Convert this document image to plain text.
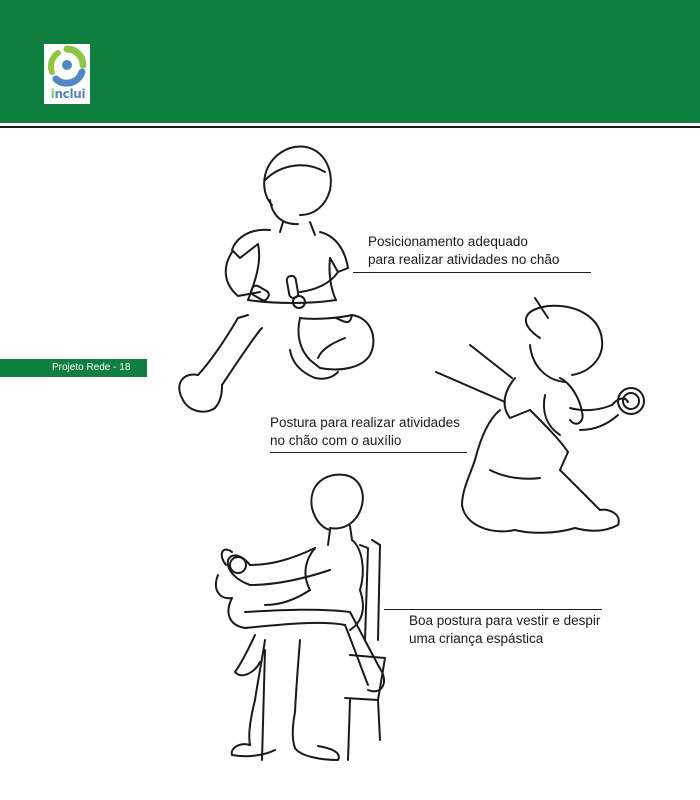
inclui
Projeto Rede - 18
Posicionamento adequado
para realizar atividades no chão
Postura para realizar atividades
no chão com o auxílio
Boa postura para vestir e despir
uma criança espástica
